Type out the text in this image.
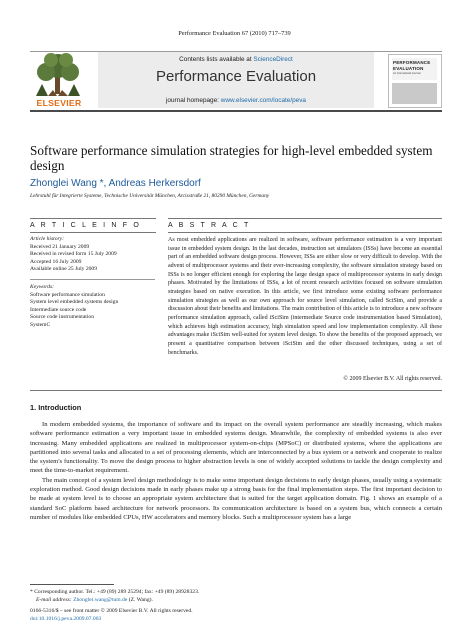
Performance Evaluation 67 (2010) 717–739
ELSEVIER
Contents lists available at ScienceDirect
Performance Evaluation
journal homepage: www.elsevier.com/locate/peva
PERFORMANCE
EVALUATION
An International Journal
Software performance simulation strategies for high-level embedded system design
Zhonglei Wang *, Andreas Herkersdorf
Lehrstuhl für Integrierte Systeme, Technische Universität München, Arcisstraße 21, 80290 München, Germany
A R T I C L E I N F O	A B S T R A C T
Article history:
Received 21 January 2009
Received in revised form 15 July 2009
Accepted 16 July 2009
Available online 25 July 2009
Keywords:
Software performance simulation
System level embedded systems design
Intermediate source code
Source code instrumentation
SystemC
As most embedded applications are realized in software, software performance estimation is a very important issue in embedded system design. In the last decades, instruction set simulators (ISSs) have become an essential part of an embedded software design process. However, ISSs are either slow or very difficult to develop. With the advent of multiprocessor systems and their ever-increasing complexity, the software simulation strategy based on ISSs is no longer efficient enough for exploring the large design space of multiprocessor systems in early design phases. Motivated by the limitations of ISSs, a lot of recent research activities focused on software simulation strategies based on native execution. In this article, we first introduce some existing software performance simulation strategies as well as our own approach for source level simulation, called SciSim, and provide a discussion about their benefits and limitations. The main contribution of this article is to introduce a new software performance simulation approach, called iSciSim (intermediate Source code instrumentation based Simulation), which achieves high estimation accuracy, high simulation speed and low implementation complexity. All these advantages make iSciSim well-suited for system level design. To show the benefits of the proposed approach, we present a quantitative comparison between iSciSim and the other discussed techniques, using a set of benchmarks.
© 2009 Elsevier B.V. All rights reserved.
1. Introduction

In modern embedded systems, the importance of software and its impact on the overall system performance are steadily increasing, which makes software performance estimation a very important issue in embedded systems design. Meanwhile, the complexity of embedded systems is also ever increasing. Many embedded applications are realized in multiprocessor system-on-chips (MPSoC) or distributed systems, where the applications are partitioned into several tasks and allocated to a set of processing elements, which are interconnected by a bus system or a network and cooperate to realize the system's functionality. To move the design process to higher abstraction levels is one of widely accepted solutions to tackle the design complexity and meet the time-to-market requirement.

The main concept of a system level design methodology is to make some important design decisions in early design phases, usually using a systematic exploration method. Good design decisions made in early phases make up a strong basis for the final implementation steps. The first important decision to be made at system level is to choose an appropriate system architecture that is suited for the target application domain. Fig. 1 shows an example of a standard SoC platform based architecture for network processors. Its communication architecture is based on a system bus, which connects a certain number of modules like embedded CPUs, HW accelerators and memory blocks. Such a multiprocessor system has a large

* Corresponding author. Tel.: +49 (89) 289 25294; fax: +49 (89) 28928323.
E-mail address: Zhonglei.wang@tum.de (Z. Wang).
0166-5316/$ – see front matter © 2009 Elsevier B.V. All rights reserved.
doi:10.1016/j.peva.2009.07.003
